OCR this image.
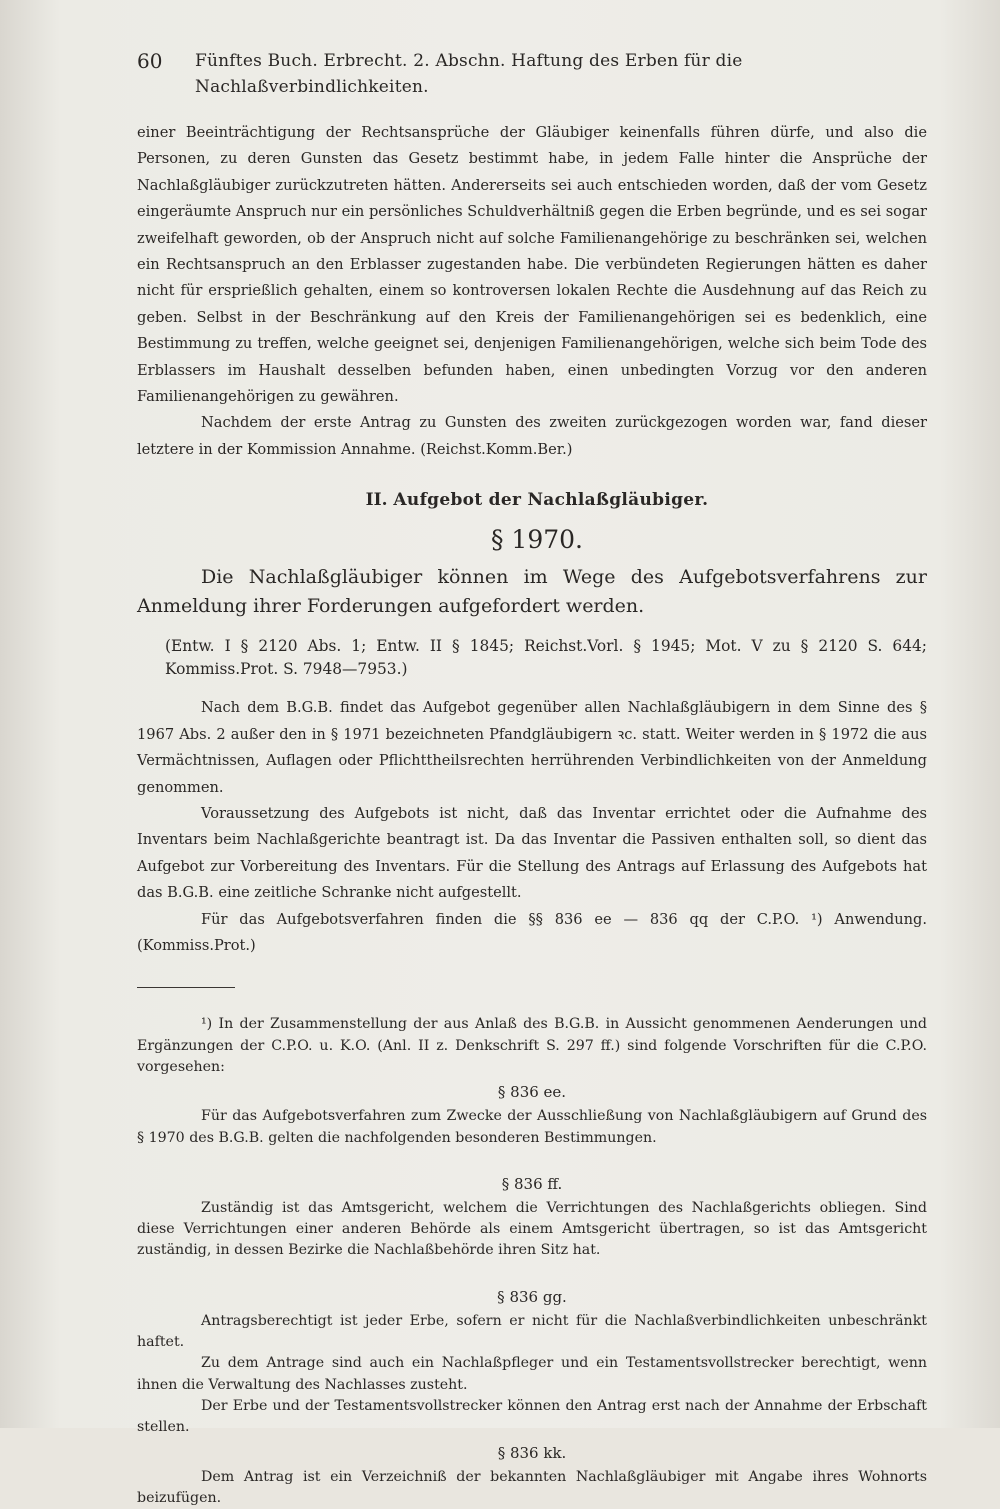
60	Fünftes Buch. Erbrecht. 2. Abschn. Haftung des Erben für die Nachlaßverbindlichkeiten.

einer Beeinträchtigung der Rechtsansprüche der Gläubiger keinenfalls führen dürfe, und also die Personen, zu deren Gunsten das Gesetz bestimmt habe, in jedem Falle hinter die Ansprüche der Nachlaßgläubiger zurückzutreten hätten. Andererseits sei auch entschieden worden, daß der vom Gesetz eingeräumte Anspruch nur ein persönliches Schuldverhältniß gegen die Erben begründe, und es sei sogar zweifelhaft geworden, ob der Anspruch nicht auf solche Familienangehörige zu beschränken sei, welchen ein Rechtsanspruch an den Erblasser zugestanden habe. Die verbündeten Regierungen hätten es daher nicht für ersprießlich gehalten, einem so kontroversen lokalen Rechte die Ausdehnung auf das Reich zu geben. Selbst in der Beschränkung auf den Kreis der Familienangehörigen sei es bedenklich, eine Bestimmung zu treffen, welche geeignet sei, denjenigen Familienangehörigen, welche sich beim Tode des Erblassers im Haushalt desselben befunden haben, einen unbedingten Vorzug vor den anderen Familienangehörigen zu gewähren.

Nachdem der erste Antrag zu Gunsten des zweiten zurückgezogen worden war, fand dieser letztere in der Kommission Annahme. (Reichst.Komm.Ber.)

II. Aufgebot der Nachlaßgläubiger.
§ 1970.

Die Nachlaßgläubiger können im Wege des Aufgebotsverfahrens zur Anmeldung ihrer Forderungen aufgefordert werden.

(Entw. I § 2120 Abs. 1; Entw. II § 1845; Reichst.Vorl. § 1945; Mot. V zu § 2120 S. 644; Kommiss.Prot. S. 7948—7953.)

Nach dem B.G.B. findet das Aufgebot gegenüber allen Nachlaßgläubigern in dem Sinne des § 1967 Abs. 2 außer den in § 1971 bezeichneten Pfandgläubigern ꝛc. statt. Weiter werden in § 1972 die aus Vermächtnissen, Auflagen oder Pflichttheilsrechten herrührenden Verbindlichkeiten von der Anmeldung genommen.

Voraussetzung des Aufgebots ist nicht, daß das Inventar errichtet oder die Aufnahme des Inventars beim Nachlaßgerichte beantragt ist. Da das Inventar die Passiven enthalten soll, so dient das Aufgebot zur Vorbereitung des Inventars. Für die Stellung des Antrags auf Erlassung des Aufgebots hat das B.G.B. eine zeitliche Schranke nicht aufgestellt.

Für das Aufgebotsverfahren finden die §§ 836 ee — 836 qq der C.P.O. ¹) Anwendung. (Kommiss.Prot.)

¹) In der Zusammenstellung der aus Anlaß des B.G.B. in Aussicht genommenen Aenderungen und Ergänzungen der C.P.O. u. K.O. (Anl. II z. Denkschrift S. 297 ff.) sind folgende Vorschriften für die C.P.O. vorgesehen:

§ 836 ee.

Für das Aufgebotsverfahren zum Zwecke der Ausschließung von Nachlaßgläubigern auf Grund des § 1970 des B.G.B. gelten die nachfolgenden besonderen Bestimmungen.

§ 836 ff.

Zuständig ist das Amtsgericht, welchem die Verrichtungen des Nachlaßgerichts obliegen. Sind diese Verrichtungen einer anderen Behörde als einem Amtsgericht übertragen, so ist das Amtsgericht zuständig, in dessen Bezirke die Nachlaßbehörde ihren Sitz hat.

§ 836 gg.

Antragsberechtigt ist jeder Erbe, sofern er nicht für die Nachlaßverbindlichkeiten unbeschränkt haftet.

Zu dem Antrage sind auch ein Nachlaßpfleger und ein Testamentsvollstrecker berechtigt, wenn ihnen die Verwaltung des Nachlasses zusteht.

Der Erbe und der Testamentsvollstrecker können den Antrag erst nach der Annahme der Erbschaft stellen.

§ 836 kk.

Dem Antrag ist ein Verzeichniß der bekannten Nachlaßgläubiger mit Angabe ihres Wohnorts beizufügen.
